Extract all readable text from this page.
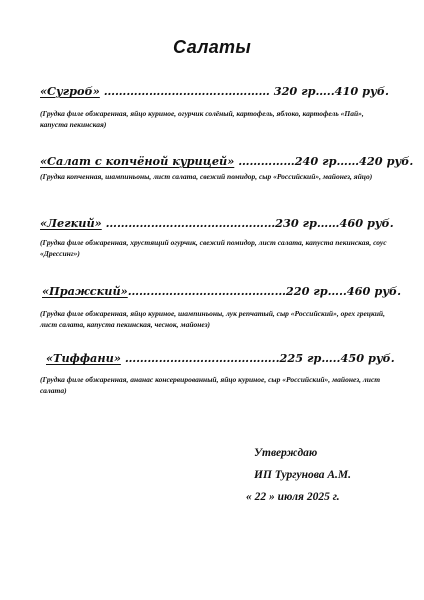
Салаты
«Сугроб» …………………………..………… 320 гр…..410 руб.
(Грудка филе обжаренная, яйцо куриное, огурчик солёный, картофель, яблоко, картофель «Пай», капуста пекинская)
«Салат с копчёной курицей» ……………240 гр……420 руб.
(Грудка копченная, шампиньоны, лист салата, свежий помидор, сыр «Российский», майонез, яйцо)
«Легкий» ………………………………………230 гр……460 руб.
(Грудка филе обжаренная, хрустящий огурчик, свежий помидор, лист салата, капуста пекинская, соус «Дрессинг»)
«Пражский»……………………………………220 гр…..460 руб.
(Грудка филе обжаренная, яйцо куриное, шампиньоны, лук репчатый, сыр «Российский», орех грецкий, лист салата, капуста пекинская, чеснок, майонез)
«Тиффани» …………………………………..225 гр…..450 руб.
(Грудка филе обжаренная, ананас консервированный, яйцо куриное, сыр «Российский», майонез, лист салата)
Утверждаю
ИП Тургунова А.М.
« 22 » июля 2025 г.
